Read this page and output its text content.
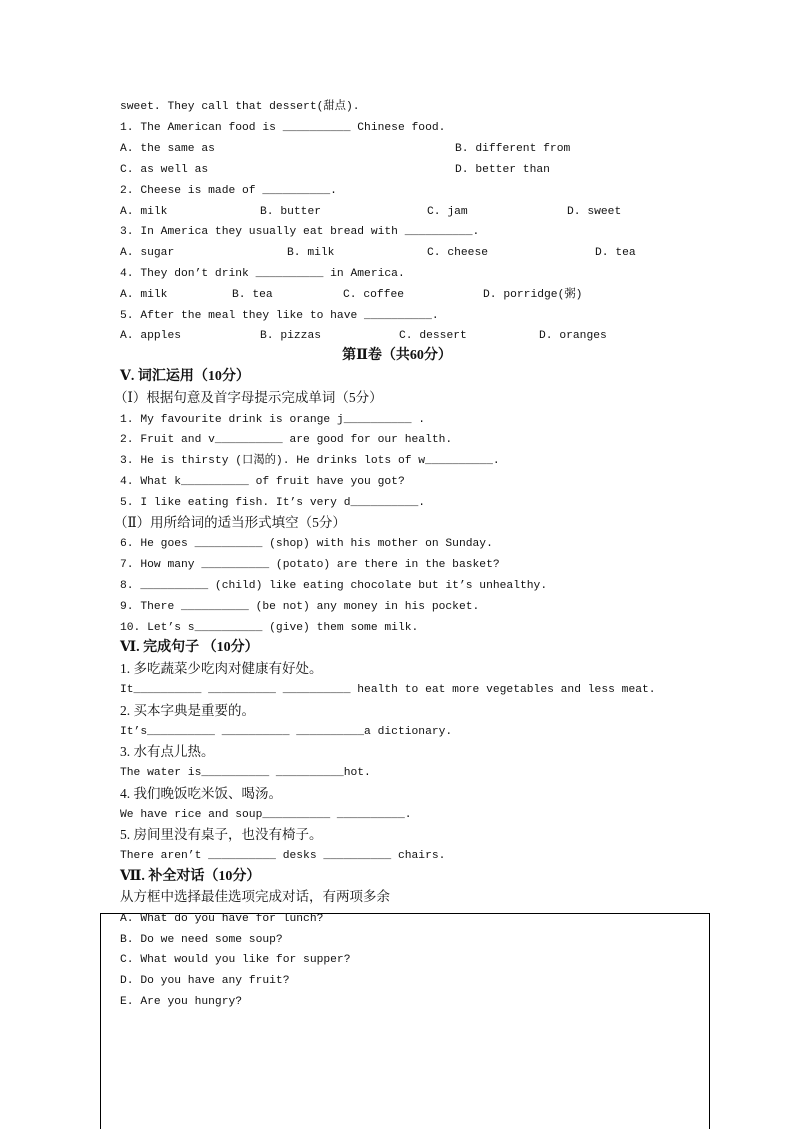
sweet. They call that dessert(甜点).
1. The American food is __________ Chinese food.
A. the same as	B. different from
C. as well as	D. better than
2. Cheese is made of __________.
A. milk	B. butter	C. jam	D. sweet
3. In America they usually eat bread with __________.
A. sugar	B. milk	C. cheese	D. tea
4. They don’t drink __________ in America.
A. milk	B. tea	C. coffee	D. porridge(粥)
5. After the meal they like to have __________.
A. apples	B. pizzas	C. dessert	D. oranges
第Ⅱ卷（共60分）
Ⅴ. 词汇运用（10分）
（Ⅰ）根据句意及首字母提示完成单词（5分）
1. My favourite drink is orange j__________ .
2. Fruit and v__________ are good for our health.
3. He is thirsty (口渴的). He drinks lots of w__________.
4. What k__________ of fruit have you got?
5. I like eating fish. It’s very d__________.
（Ⅱ）用所给词的适当形式填空（5分）
6. He goes __________ (shop) with his mother on Sunday.
7. How many __________ (potato) are there in the basket?
8. __________ (child) like eating chocolate but it’s unhealthy.
9. There __________ (be not) any money in his pocket.
10. Let’s s__________ (give) them some milk.
Ⅵ. 完成句子 （10分）
1. 多吃蔬菜少吃肉对健康有好处。
It__________ __________ __________ health to eat more vegetables and less meat.
2. 买本字典是重要的。
It’s__________ __________ __________a dictionary.
3. 水有点儿热。
The water is__________ __________hot.
4. 我们晚饭吃米饭、喝汤。
We have rice and soup__________ __________.
5. 房间里没有桌子，也没有椅子。
There aren’t __________ desks __________ chairs.
Ⅶ. 补全对话（10分）
从方框中选择最佳选项完成对话，有两项多余
A. What do you have for lunch?
B. Do we need some soup?
C. What would you like for supper?
D. Do you have any fruit?
E. Are you hungry?
